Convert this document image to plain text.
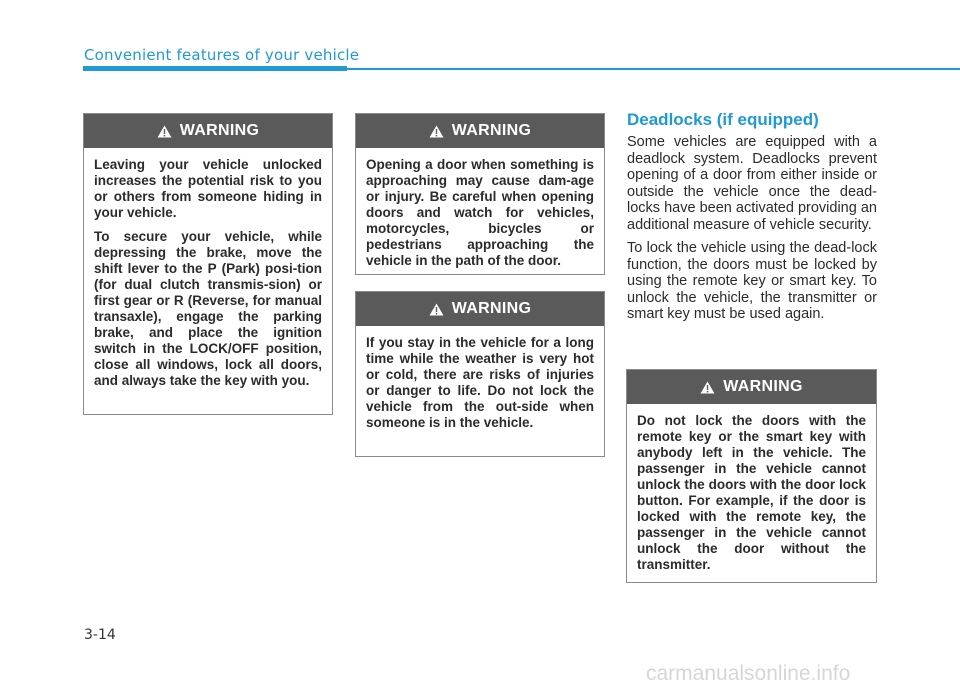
Convenient features of your vehicle
WARNING

Leaving your vehicle unlocked increases the potential risk to you or others from someone hiding in your vehicle.

To secure your vehicle, while depressing the brake, move the shift lever to the P (Park) posi-tion (for dual clutch transmis-sion) or first gear or R (Reverse, for manual transaxle), engage the parking brake, and place the ignition switch in the LOCK/OFF position, close all windows, lock all doors, and always take the key with you.

WARNING

Opening a door when something is approaching may cause dam-age or injury. Be careful when opening doors and watch for vehicles, motorcycles, bicycles or pedestrians approaching the vehicle in the path of the door.

WARNING

If you stay in the vehicle for a long time while the weather is very hot or cold, there are risks of injuries or danger to life. Do not lock the vehicle from the out-side when someone is in the vehicle.

Deadlocks (if equipped)

Some vehicles are equipped with a deadlock system. Deadlocks prevent opening of a door from either inside or outside the vehicle once the dead-locks have been activated providing an additional measure of vehicle security.

To lock the vehicle using the dead-lock function, the doors must be locked by using the remote key or smart key. To unlock the vehicle, the transmitter or smart key must be used again.

WARNING

Do not lock the doors with the remote key or the smart key with anybody left in the vehicle. The passenger in the vehicle cannot unlock the doors with the door lock button. For example, if the door is locked with the remote key, the passenger in the vehicle cannot unlock the door without the transmitter.

3-14
carmanualsonline.info
